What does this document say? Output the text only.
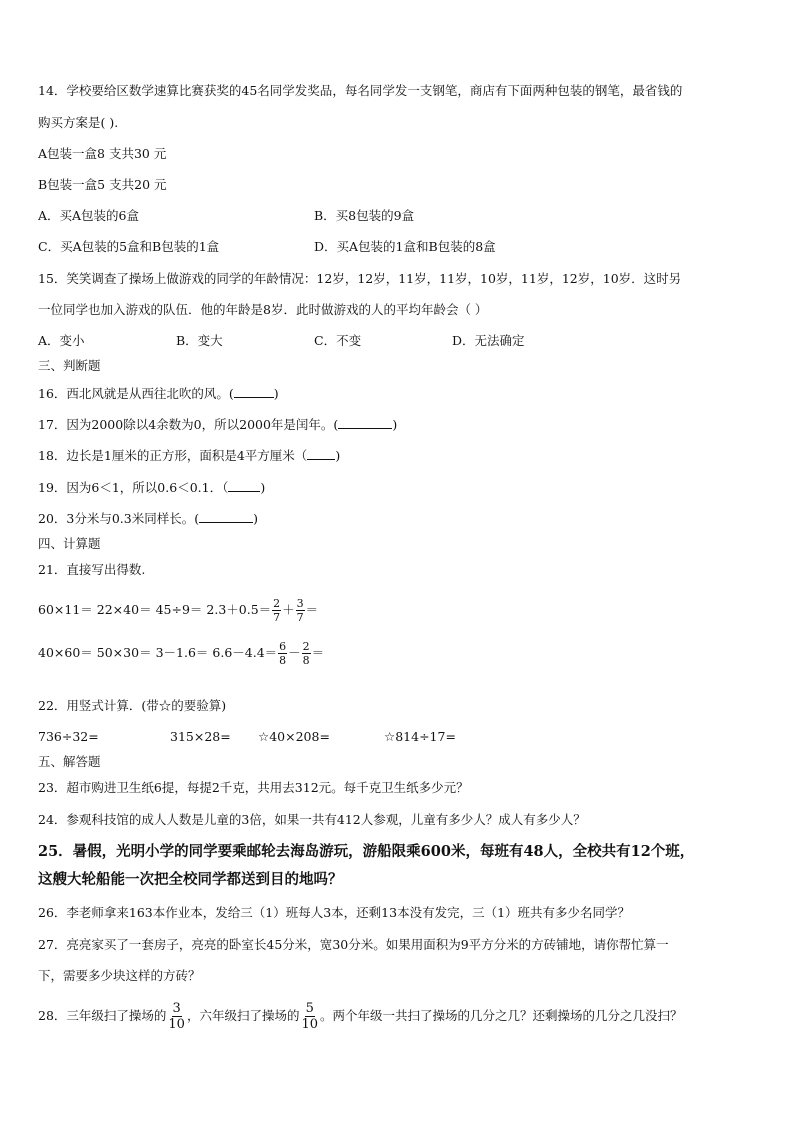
14．学校要给区数学速算比赛获奖的45名同学发奖品，每名同学发一支钢笔，商店有下面两种包装的钢笔，最省钱的
购买方案是( ).
A包装一盒8 支共30 元
B包装一盒5 支共20 元
A．买A包装的6盒	B．买8包装的9盒
C．买A包装的5盒和B包装的1盒	D．买A包装的1盒和B包装的8盒
15．笑笑调查了操场上做游戏的同学的年龄情况：12岁，12岁，11岁，11岁，10岁，11岁，12岁，10岁．这时另
一位同学也加入游戏的队伍．他的年龄是8岁．此时做游戏的人的平均年龄会（ ）
A．变小	B．变大	C．不变	D．无法确定
三、判断题
16．西北风就是从西往北吹的风。(	)
17．因为2000除以4余数为0，所以2000年是闰年。(	)
18．边长是1厘米的正方形，面积是4平方厘米（ )
19．因为6＜1，所以0.6＜0.1．（	)
20．3分米与0.3米同样长。(	)
四、计算题
21．直接写出得数.
$60\times 11= 22\times 40= 45\div 9= 2.3+0.5= \frac{2}{7} + \frac{3}{7}$ ＝
$40\times 60= 50\times 30= 3-1.6= 6.6-4.4= \frac{6}{8} - \frac{2}{8}$ ＝
22．用竖式计算．(带☆的要验算)
736÷32=	315×28= ☆40×208=	☆814÷17=
五、解答题
23．超市购进卫生纸6提，每提2千克，共用去312元。每千克卫生纸多少元？
24．参观科技馆的成人人数是儿童的3倍，如果一共有412人参观，儿童有多少人？成人有多少人？
25．暑假，光明小学的同学要乘邮轮去海岛游玩，游船限乘600米，每班有48人，全校共有12个班，
这艘大轮船能一次把全校同学都送到目的地吗？
26．李老师拿来163本作业本，发给三（1）班每人3本，还剩13本没有发完，三（1）班共有多少名同学？
27．亮亮家买了一套房子，亮亮的卧室长45分米，宽30分米。如果用面积为9平方分米的方砖铺地，请你帮忙算一
下，需要多少块这样的方砖？
28．三年级扫了操场的 $\frac{3}{10}$ ，六年级扫了操场的 $\frac{5}{10}$ 。两个年级一共扫了操场的几分之几？还剩操场的几分之几没扫？
